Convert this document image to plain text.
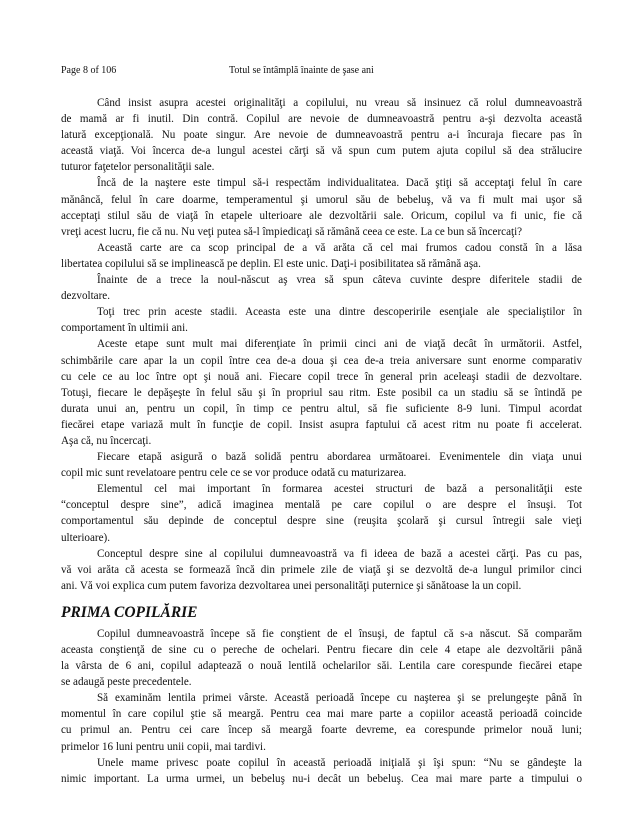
Page 8 of 106	Totul se întâmplă înainte de şase ani
Când insist asupra acestei originalităţi a copilului, nu vreau să insinuez că rolul dumneavoastră
de mamă ar fi inutil. Din contră. Copilul are nevoie de dumneavoastră pentru a-şi dezvolta această
latură excepţională. Nu poate singur. Are nevoie de dumneavoastră pentru a-i încuraja fiecare pas în
această viaţă. Voi încerca de-a lungul acestei cărţi să vă spun cum putem ajuta copilul să dea strălucire
tuturor faţetelor personalităţii sale.
Încă de la naştere este timpul să-i respectăm individualitatea. Dacă ştiţi să acceptaţi felul în care
mănâncă, felul în care doarme, temperamentul şi umorul său de bebeluş, vă va fi mult mai uşor să
acceptaţi stilul său de viaţă în etapele ulterioare ale dezvoltării sale. Oricum, copilul va fi unic, fie că
vreţi acest lucru, fie că nu. Nu veţi putea să-l împiedicaţi să rămână ceea ce este. La ce bun să încercaţi?
Această carte are ca scop principal de a vă arăta că cel mai frumos cadou constă în a lăsa
libertatea copilului să se implinească pe deplin. El este unic. Daţi-i posibilitatea să rămână aşa.
Înainte de a trece la noul-născut aş vrea să spun câteva cuvinte despre diferitele stadii de
dezvoltare.
Toţi trec prin aceste stadii. Aceasta este una dintre descoperirile esenţiale ale specialiştilor în
comportament în ultimii ani.
Aceste etape sunt mult mai diferenţiate în primii cinci ani de viaţă decât în următorii. Astfel,
schimbările care apar la un copil între cea de-a doua şi cea de-a treia aniversare sunt enorme comparativ
cu cele ce au loc între opt şi nouă ani. Fiecare copil trece în general prin aceleaşi stadii de dezvoltare.
Totuşi, fiecare le depăşeşte în felul său şi în propriul sau ritm. Este posibil ca un stadiu să se întindă pe
durata unui an, pentru un copil, în timp ce pentru altul, să fie suficiente 8-9 luni. Timpul acordat
fiecărei etape variază mult în funcţie de copil. Insist asupra faptului că acest ritm nu poate fi accelerat.
Aşa că, nu încercaţi.
Fiecare etapă asigură o bază solidă pentru abordarea următoarei. Evenimentele din viaţa unui
copil mic sunt revelatoare pentru cele ce se vor produce odată cu maturizarea.
Elementul cel mai important în formarea acestei structuri de bază a personalităţii este
“conceptul despre sine”, adică imaginea mentală pe care copilul o are despre el însuşi. Tot
comportamentul său depinde de conceptul despre sine (reuşita şcolară şi cursul întregii sale vieţi
ulterioare).
Conceptul despre sine al copilului dumneavoastră va fi ideea de bază a acestei cărţi. Pas cu pas,
vă voi arăta că acesta se formează încă din primele zile de viaţă şi se dezvoltă de-a lungul primilor cinci
ani. Vă voi explica cum putem favoriza dezvoltarea unei personalităţi puternice şi sănătoase la un copil.
PRIMA COPILĂRIE
Copilul dumneavoastră începe să fie conştient de el însuşi, de faptul că s-a născut. Să comparăm
aceasta conştienţă de sine cu o pereche de ochelari. Pentru fiecare din cele 4 etape ale dezvoltării până
la vârsta de 6 ani, copilul adaptează o nouă lentilă ochelarilor săi. Lentila care corespunde fiecărei etape
se adaugă peste precedentele.
Să examinăm lentila primei vârste. Această perioadă începe cu naşterea şi se prelungeşte până în
momentul în care copilul ştie să meargă. Pentru cea mai mare parte a copiilor această perioadă coincide
cu primul an. Pentru cei care încep să meargă foarte devreme, ea corespunde primelor nouă luni;
primelor 16 luni pentru unii copii, mai tardivi.
Unele mame privesc poate copilul în această perioadă iniţială şi îşi spun: “Nu se gândeşte la
nimic important. La urma urmei, un bebeluş nu-i decât un bebeluş. Cea mai mare parte a timpului o
